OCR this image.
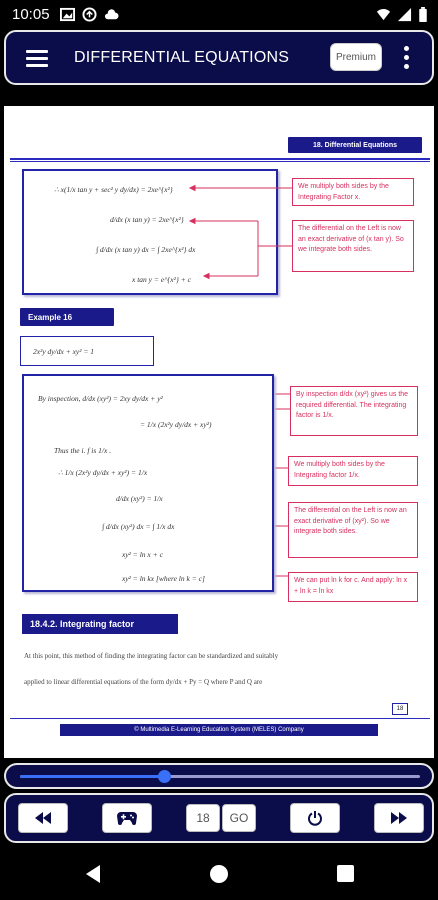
10:05
DIFFERENTIAL EQUATIONS	Premium
18. Differential Equations
∴ x(1/x tan y + sec² y dy/dx) = 2xe^{x²}
d/dx (x tan y) = 2xe^{x²}
∫ d/dx (x tan y) dx = ∫ 2xe^{x²} dx
x tan y = e^{x²} + c
We multiply both sides by the Integrating Factor x.
The differential on the Left is now an exact derivative of (x tan y). So we integrate both sides.
Example 16
2x²y dy/dx + xy² = 1
By inspection, d/dx (xy²) = 2xy dy/dx + y²
= 1/x (2x²y dy/dx + xy²)
Thus the i. f is 1/x .
∴ 1/x (2x²y dy/dx + xy²) = 1/x
d/dx (xy²) = 1/x
∫ d/dx (xy²) dx = ∫ 1/x dx
xy² = ln x + c
xy² = ln kx [where ln k = c]
By inspection d/dx (xy²) gives us the required differential. The integrating factor is 1/x.
We multiply both sides by the Integrating factor 1/x.
The differential on the Left is now an exact derivative of (xy²). So we integrate both sides.
We can put ln k for c. And apply: ln x + ln k = ln kx
18.4.2. Integrating factor
At this point, this method of finding the integrating factor can be standardized and suitably
applied to linear differential equations of the form dy/dx + Py = Q where P and Q are
18
© Multimedia E-Learning Education System (MELES) Company
18	GO
